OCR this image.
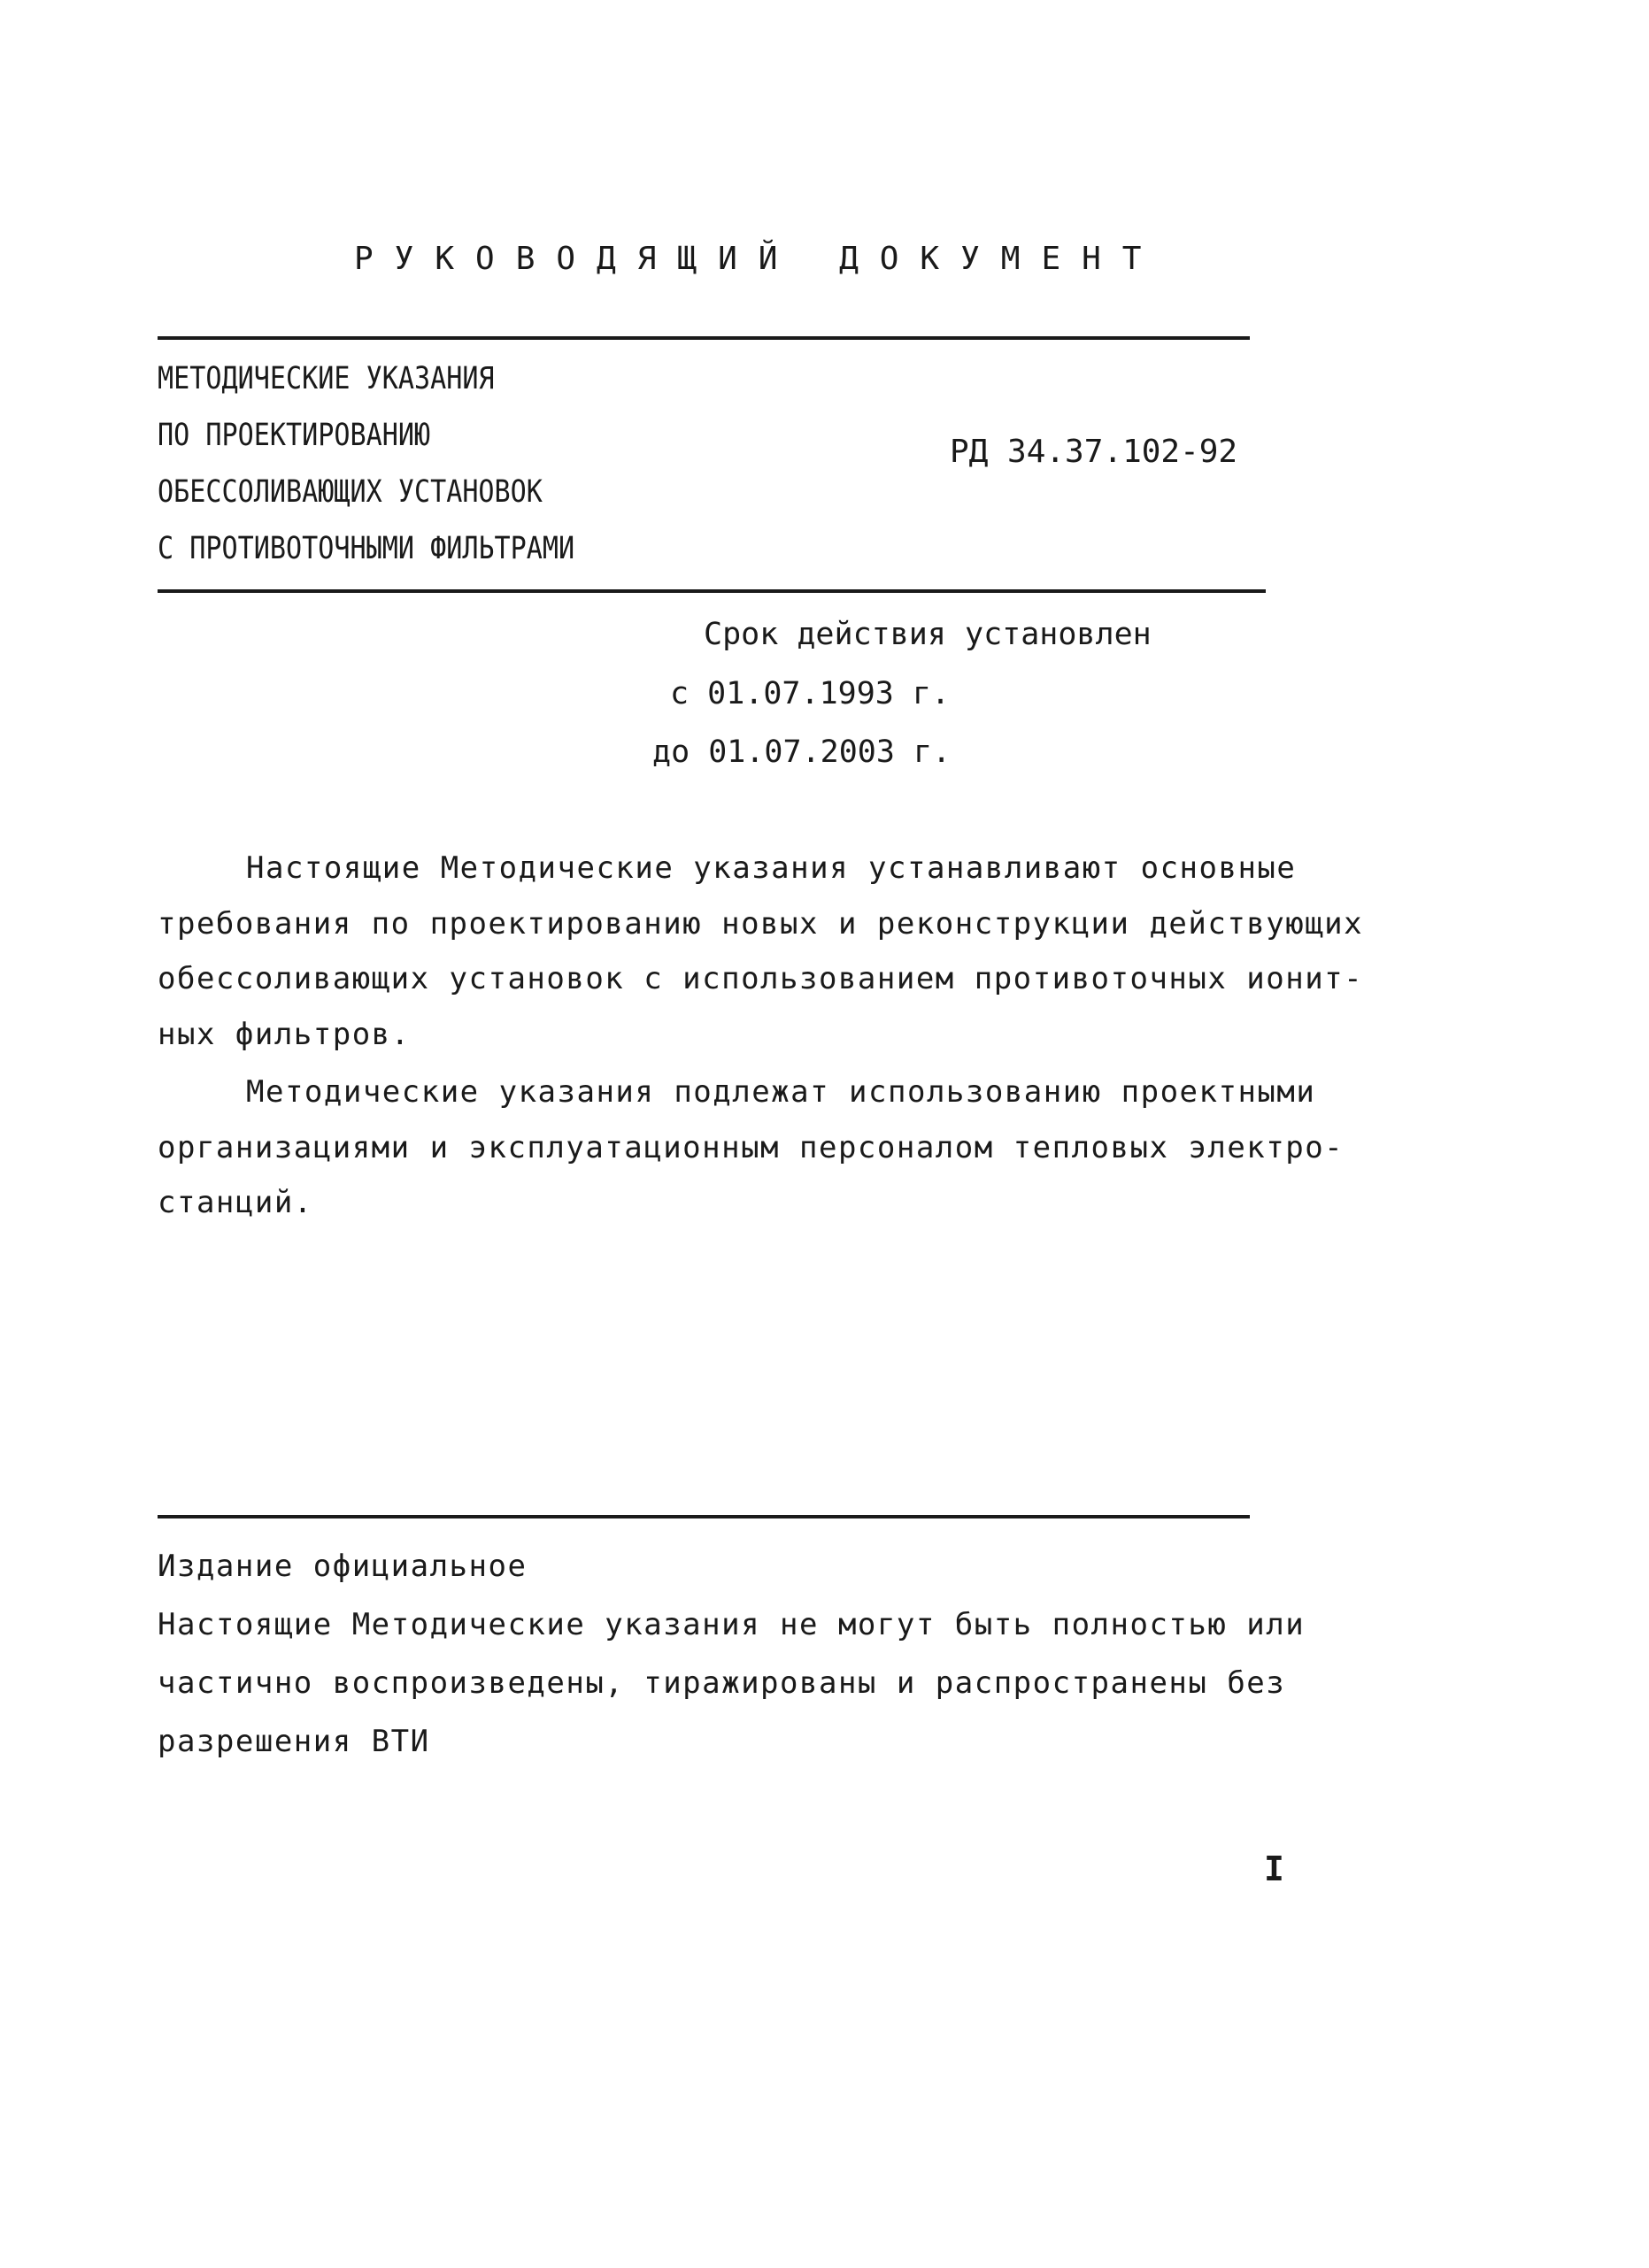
РУКОВОДЯЩИЙ ДОКУМЕНТ
МЕТОДИЧЕСКИЕ УКАЗАНИЯ
ПО ПРОЕКТИРОВАНИЮ
ОБЕССОЛИВАЮЩИХ УСТАНОВОК
С ПРОТИВОТОЧНЫМИ ФИЛЬТРАМИ
РД 34.37.102-92
Срок действия установлен
с 01.07.1993 г.
до 01.07.2003 г.
Настоящие Методические указания устанавливают основные
требования по проектированию новых и реконструкции действующих
обессоливающих установок с использованием противоточных ионит-
ных фильтров.
Методические указания подлежат использованию проектными
организациями и эксплуатационным персоналом тепловых электро-
станций.
Издание официальное
Настоящие Методические указания не могут быть полностью или
частично воспроизведены, тиражированы и распространены без
разрешения ВТИ
I
